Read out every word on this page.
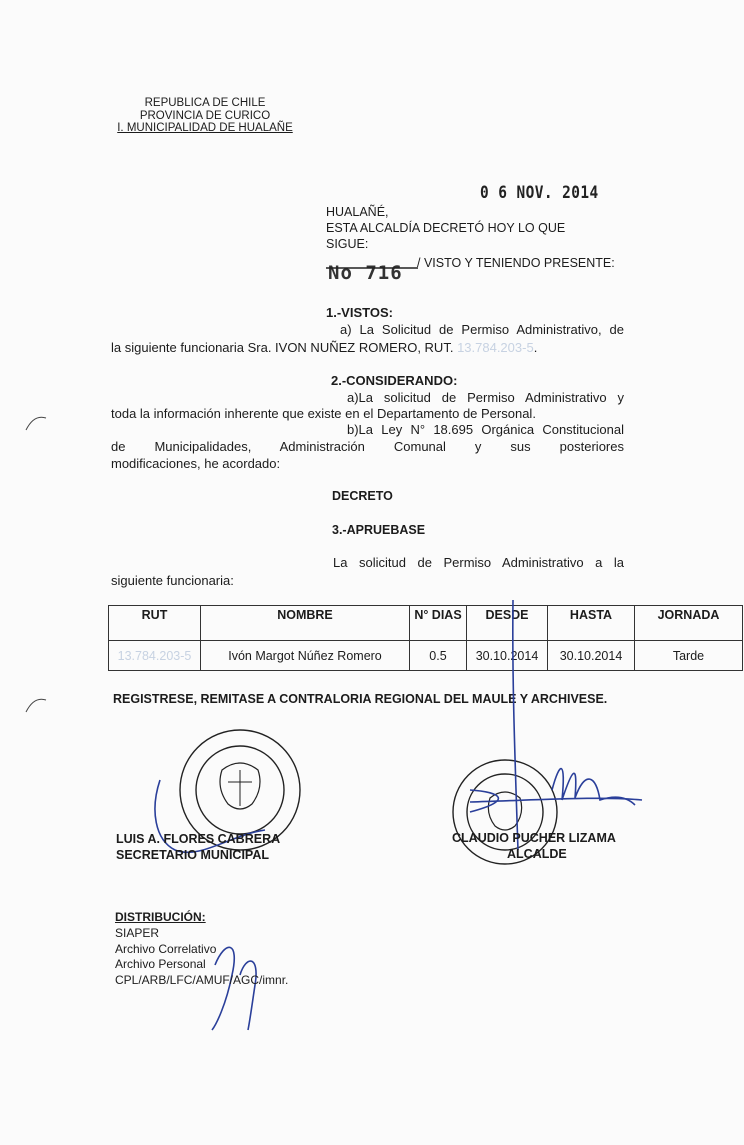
REPUBLICA DE CHILE
PROVINCIA DE CURICO
I. MUNICIPALIDAD DE HUALAÑE
0 6 NOV. 2014
HUALAÑÉ,
ESTA ALCALDÍA DECRETÓ HOY LO QUE
SIGUE:
/ VISTO Y TENIENDO PRESENTE:
No 716
1.-VISTOS:
a) La Solicitud de Permiso Administrativo, de
la siguiente funcionaria Sra. IVON NUÑEZ ROMERO, RUT. 13.784.203-5.
2.-CONSIDERANDO:
a)La solicitud de Permiso Administrativo y
toda la información inherente que existe en el Departamento de Personal.
b)La Ley N° 18.695 Orgánica Constitucional
de Municipalidades, Administración Comunal y sus posteriores
modificaciones, he acordado:
DECRETO
3.-APRUEBASE
La solicitud de Permiso Administrativo a la
siguiente funcionaria:
RUT	NOMBRE	N° DIAS	DESDE	HASTA	JORNADA
13.784.203-5	Ivón Margot Núñez Romero	0.5	30.10.2014	30.10.2014	Tarde
REGISTRESE, REMITASE A CONTRALORIA REGIONAL DEL MAULE Y ARCHIVESE.
LUIS A. FLORES CABRERA
SECRETARIO MUNICIPAL
CLAUDIO PUCHER LIZAMA
ALCALDE
DISTRIBUCIÓN:
SIAPER
Archivo Correlativo
Archivo Personal
CPL/ARB/LFC/AMUF/AGC/imnr.
